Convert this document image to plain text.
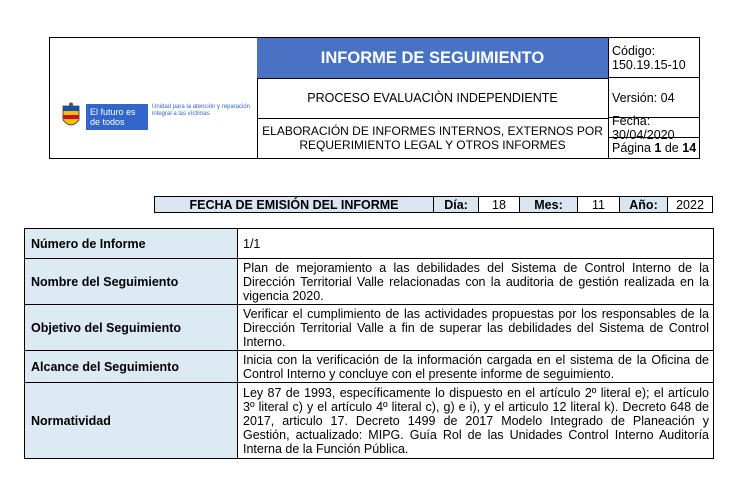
El futuro es de todos
Unidad para la atención y reparación integral a las víctimas
INFORME DE SEGUIMIENTO
PROCESO EVALUACIÒN INDEPENDIENTE
ELABORACIÓN DE INFORMES INTERNOS, EXTERNOS POR REQUERIMIENTO LEGAL Y OTROS INFORMES
Código: 150.19.15-10
Versión: 04
Fecha: 30/04/2020
Página
1
de
14
FECHA DE EMISIÓN DEL INFORME	Día:	18	Mes:	11	Año:	2022
Número de Informe	1/1
Nombre del Seguimiento	Plan de mejoramiento a las debilidades del Sistema de Control Interno de la Dirección Territorial Valle relacionadas con la auditoria de gestión realizada en la vigencia 2020.
Objetivo del Seguimiento	Verificar el cumplimiento de las actividades propuestas por los responsables de la Dirección Territorial Valle a fin de superar las debilidades del Sistema de Control Interno.
Alcance del Seguimiento	Inicia con la verificación de la información cargada en el sistema de la Oficina de Control Interno y concluye con el presente informe de seguimiento.
Normatividad	Ley 87 de 1993, específicamente lo dispuesto en el artículo 2º literal e); el artículo 3º literal c) y el artículo 4º literal c), g) e i), y el articulo 12 literal k). Decreto 648 de 2017, articulo 17. Decreto 1499 de 2017 Modelo Integrado de Planeación y Gestión, actualizado: MIPG. Guía Rol de las Unidades Control Interno Auditoría Interna de la Función Pública.
